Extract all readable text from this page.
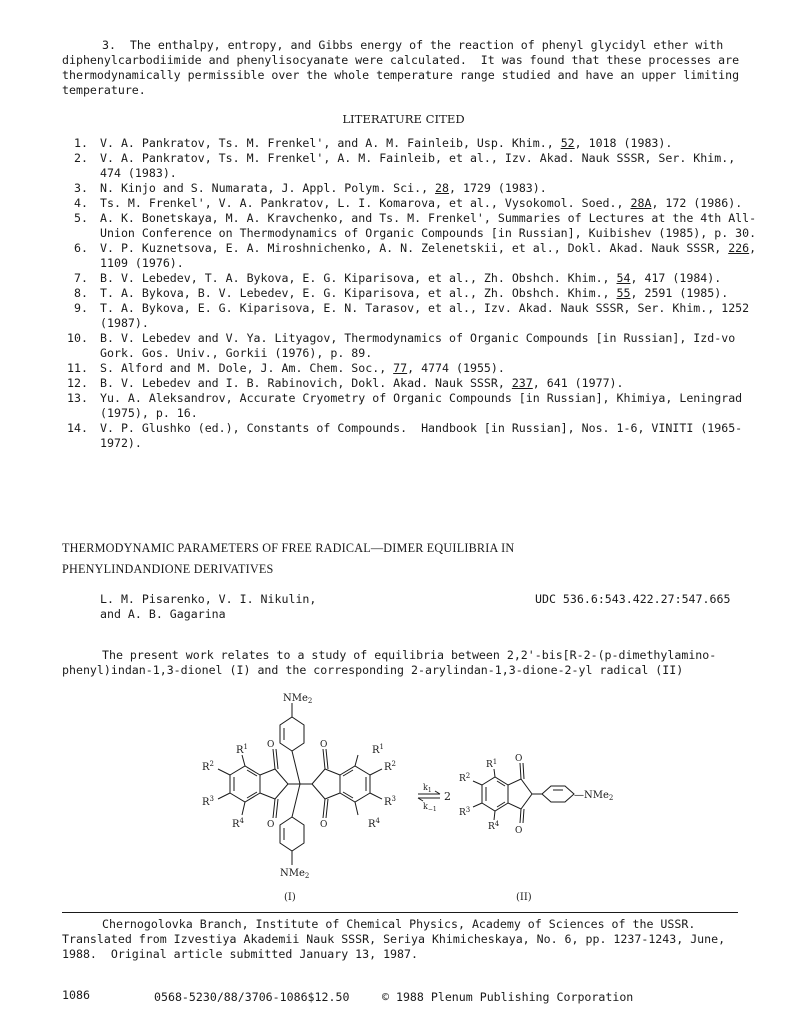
3.  The enthalpy, entropy, and Gibbs energy of the reaction of phenyl glycidyl ether with diphenylcarbodiimide and phenylisocyanate were calculated.  It was found that these processes are thermodynamically permissible over the whole temperature range studied and have an upper limiting temperature.

LITERATURE CITED
1. V. A. Pankratov, Ts. M. Frenkel', and A. M. Fainleib, Usp. Khim., 52, 1018 (1983).
2. V. A. Pankratov, Ts. M. Frenkel', A. M. Fainleib, et al., Izv. Akad. Nauk SSSR, Ser. Khim., 474 (1983).
3. N. Kinjo and S. Numarata, J. Appl. Polym. Sci., 28, 1729 (1983).
4. Ts. M. Frenkel', V. A. Pankratov, L. I. Komarova, et al., Vysokomol. Soed., 28A, 172 (1986).
5. A. K. Bonetskaya, M. A. Kravchenko, and Ts. M. Frenkel', Summaries of Lectures at the 4th All-Union Conference on Thermodynamics of Organic Compounds [in Russian], Kuibishev (1985), p. 30.
6. V. P. Kuznetsova, E. A. Miroshnichenko, A. N. Zelenetskii, et al., Dokl. Akad. Nauk SSSR, 226, 1109 (1976).
7. B. V. Lebedev, T. A. Bykova, E. G. Kiparisova, et al., Zh. Obshch. Khim., 54, 417 (1984).
8. T. A. Bykova, B. V. Lebedev, E. G. Kiparisova, et al., Zh. Obshch. Khim., 55, 2591 (1985).
9. T. A. Bykova, E. G. Kiparisova, E. N. Tarasov, et al., Izv. Akad. Nauk SSSR, Ser. Khim., 1252 (1987).
10. B. V. Lebedev and V. Ya. Lityagov, Thermodynamics of Organic Compounds [in Russian], Izd-vo Gork. Gos. Univ., Gorkii (1976), p. 89.
11. S. Alford and M. Dole, J. Am. Chem. Soc., 77, 4774 (1955).
12. B. V. Lebedev and I. B. Rabinovich, Dokl. Akad. Nauk SSSR, 237, 641 (1977).
13. Yu. A. Aleksandrov, Accurate Cryometry of Organic Compounds [in Russian], Khimiya, Leningrad (1975), p. 16.
14. V. P. Glushko (ed.), Constants of Compounds.  Handbook [in Russian], Nos. 1-6, VINITI (1965-1972).
THERMODYNAMIC PARAMETERS OF FREE RADICAL—DIMER EQUILIBRIA IN
PHENYLINDANDIONE DERIVATIVES
L. M. Pisarenko, V. I. Nikulin,
and A. B. Gagarina
UDC 536.6:543.422.27:547.665

The present work relates to a study of equilibria between 2,2'-bis[R-2-(p-dimethylamino-phenyl)indan-1,3-dionel (I) and the corresponding 2-arylindan-1,3-dione-2-yl radical (II)

NMe$_2$
NMe$_2$
$R^1$
$R^2$
$R^3$
$R^4$
O
O
O
O
$R^1$
$R^2$
$R^3$
$R^4$
$k_1$
$k_{-1}$
2
$R^1$
$R^2$
$R^3$
$R^4$
O
O
—NMe$_2$
(I)	(II)

Chernogolovka Branch, Institute of Chemical Physics, Academy of Sciences of the USSR.

Translated from Izvestiya Akademii Nauk SSSR, Seriya Khimicheskaya, No. 6, pp. 1237-1243, June, 1988.  Original article submitted January 13, 1987.

1086	0568-5230/88/3706-1086$12.50	© 1988 Plenum Publishing Corporation
